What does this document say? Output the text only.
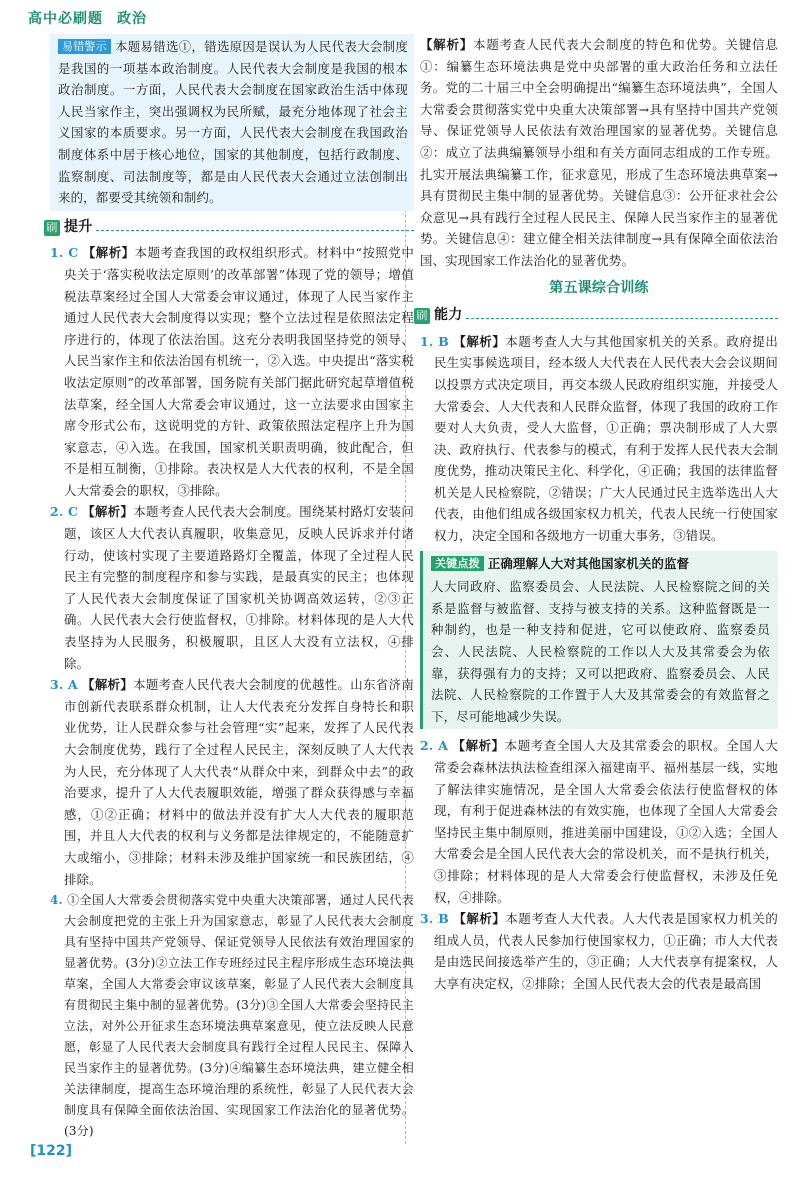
高中必刷题 政治

易错警示 本题易错选①，错选原因是误认为人民代表大会制度是我国的一项基本政治制度。人民代表大会制度是我国的根本政治制度。一方面，人民代表大会制度在国家政治生活中体现人民当家作主，突出强调权为民所赋，最充分地体现了社会主义国家的本质要求。另一方面，人民代表大会制度在我国政治制度体系中居于核心地位，国家的其他制度，包括行政制度、监察制度、司法制度等，都是由人民代表大会通过立法创制出来的，都要受其统领和制约。

刷 提升

1. C 【解析】本题考查我国的政权组织形式。材料中“按照党中央关于‘落实税收法定原则’的改革部署”体现了党的领导；增值税法草案经过全国人大常委会审议通过，体现了人民当家作主通过人民代表大会制度得以实现；整个立法过程是依照法定程序进行的，体现了依法治国。这充分表明我国坚持党的领导、人民当家作主和依法治国有机统一，②入选。中央提出“落实税收法定原则”的改革部署，国务院有关部门据此研究起草增值税法草案，经全国人大常委会审议通过，这一立法要求由国家主席令形式公布，这说明党的方针、政策依照法定程序上升为国家意志，④入选。在我国，国家机关职责明确，彼此配合，但不是相互制衡，①排除。表决权是人大代表的权利，不是全国人大常委会的职权，③排除。

2. C 【解析】本题考查人民代表大会制度。围绕某村路灯安装问题，该区人大代表认真履职，收集意见，反映人民诉求并付诸行动，使该村实现了主要道路路灯全覆盖，体现了全过程人民民主有完整的制度程序和参与实践，是最真实的民主；也体现了人民代表大会制度保证了国家机关协调高效运转，②③正确。人民代表大会行使监督权，①排除。材料体现的是人大代表坚持为人民服务，积极履职，且区人大没有立法权，④排除。

3. A 【解析】本题考查人民代表大会制度的优越性。山东省济南市创新代表联系群众机制，让人大代表充分发挥自身特长和职业优势，让人民群众参与社会管理“实”起来，发挥了人民代表大会制度优势，践行了全过程人民民主，深刻反映了人大代表为人民，充分体现了人大代表“从群众中来，到群众中去”的政治要求，提升了人大代表履职效能，增强了群众获得感与幸福感，①②正确；材料中的做法并没有扩大人大代表的履职范围，并且人大代表的权利与义务都是法律规定的，不能随意扩大或缩小，③排除；材料未涉及维护国家统一和民族团结，④排除。

4. ①全国人大常委会贯彻落实党中央重大决策部署，通过人民代表大会制度把党的主张上升为国家意志，彰显了人民代表大会制度具有坚持中国共产党领导、保证党领导人民依法有效治理国家的显著优势。(3分)②立法工作专班经过民主程序形成生态环境法典草案，全国人大常委会审议该草案，彰显了人民代表大会制度具有贯彻民主集中制的显著优势。(3分)③全国人大常委会坚持民主立法，对外公开征求生态环境法典草案意见，使立法反映人民意愿，彰显了人民代表大会制度具有践行全过程人民民主、保障人民当家作主的显著优势。(3分)④编纂生态环境法典，建立健全相关法律制度，提高生态环境治理的系统性，彰显了人民代表大会制度具有保障全面依法治国、实现国家工作法治化的显著优势。(3分)

【解析】本题考查人民代表大会制度的特色和优势。关键信息①：编纂生态环境法典是党中央部署的重大政治任务和立法任务。党的二十届三中全会明确提出“编纂生态环境法典”，全国人大常委会贯彻落实党中央重大决策部署→具有坚持中国共产党领导、保证党领导人民依法有效治理国家的显著优势。关键信息②：成立了法典编纂领导小组和有关方面同志组成的工作专班。扎实开展法典编纂工作，征求意见，形成了生态环境法典草案→具有贯彻民主集中制的显著优势。关键信息③：公开征求社会公众意见→具有践行全过程人民民主、保障人民当家作主的显著优势。关键信息④：建立健全相关法律制度→具有保障全面依法治国、实现国家工作法治化的显著优势。

第五课综合训练
刷 能力

1. B 【解析】本题考查人大与其他国家机关的关系。政府提出民生实事候选项目，经本级人大代表在人民代表大会会议期间以投票方式决定项目，再交本级人民政府组织实施，并接受人大常委会、人大代表和人民群众监督，体现了我国的政府工作要对人大负责，受人大监督，①正确；票决制形成了人大票决、政府执行、代表参与的模式，有利于发挥人民代表大会制度优势，推动决策民主化、科学化，④正确；我国的法律监督机关是人民检察院，②错误；广大人民通过民主选举选出人大代表，由他们组成各级国家权力机关，代表人民统一行使国家权力，决定全国和各级地方一切重大事务，③错误。

关键点拨 正确理解人大对其他国家机关的监督

人大同政府、监察委员会、人民法院、人民检察院之间的关系是监督与被监督、支持与被支持的关系。这种监督既是一种制约，也是一种支持和促进，它可以使政府、监察委员会、人民法院、人民检察院的工作以人大及其常委会为依靠，获得强有力的支持；又可以把政府、监察委员会、人民法院、人民检察院的工作置于人大及其常委会的有效监督之下，尽可能地减少失误。

2. A 【解析】本题考查全国人大及其常委会的职权。全国人大常委会森林法执法检查组深入福建南平、福州基层一线，实地了解法律实施情况，是全国人大常委会依法行使监督权的体现，有利于促进森林法的有效实施，也体现了全国人大常委会坚持民主集中制原则，推进美丽中国建设，①②入选；全国人大常委会是全国人民代表大会的常设机关，而不是执行机关，③排除；材料体现的是人大常委会行使监督权，未涉及任免权，④排除。

3. B 【解析】本题考查人大代表。人大代表是国家权力机关的组成人员，代表人民参加行使国家权力，①正确；市人大代表是由选民间接选举产生的，③正确；人大代表享有提案权，人大享有决定权，②排除；全国人民代表大会的代表是最高国

[122]
